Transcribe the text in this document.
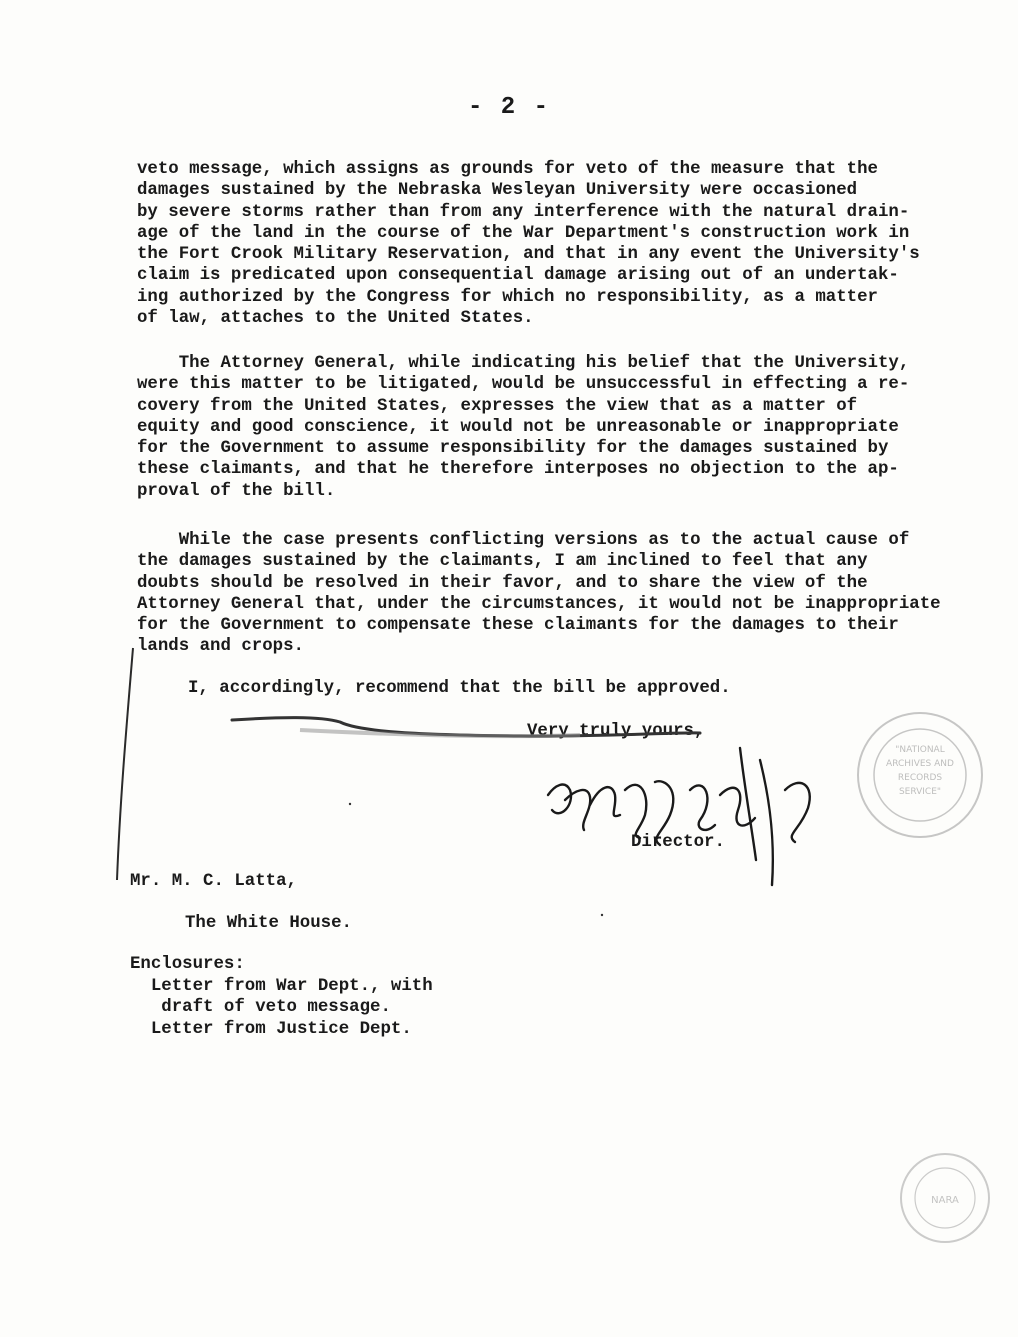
- 2 -
veto message, which assigns as grounds for veto of the measure that the
damages sustained by the Nebraska Wesleyan University were occasioned
by severe storms rather than from any interference with the natural drain-
age of the land in the course of the War Department's construction work in
the Fort Crook Military Reservation, and that in any event the University's
claim is predicated upon consequential damage arising out of an undertak-
ing authorized by the Congress for which no responsibility, as a matter
of law, attaches to the United States.
The Attorney General, while indicating his belief that the University,
were this matter to be litigated, would be unsuccessful in effecting a re-
covery from the United States, expresses the view that as a matter of
equity and good conscience, it would not be unreasonable or inappropriate
for the Government to assume responsibility for the damages sustained by
these claimants, and that he therefore interposes no objection to the ap-
proval of the bill.
While the case presents conflicting versions as to the actual cause of
the damages sustained by the claimants, I am inclined to feel that any
doubts should be resolved in their favor, and to share the view of the
Attorney General that, under the circumstances, it would not be inappropriate
for the Government to compensate these claimants for the damages to their
lands and crops.
I, accordingly, recommend that the bill be approved.
Very truly yours,
Director.
Mr. M. C. Latta,
The White House.
Enclosures:
Letter from War Dept., with
draft of veto message.
Letter from Justice Dept.
"NATIONAL
ARCHIVES AND
RECORDS
SERVICE"
NARA
